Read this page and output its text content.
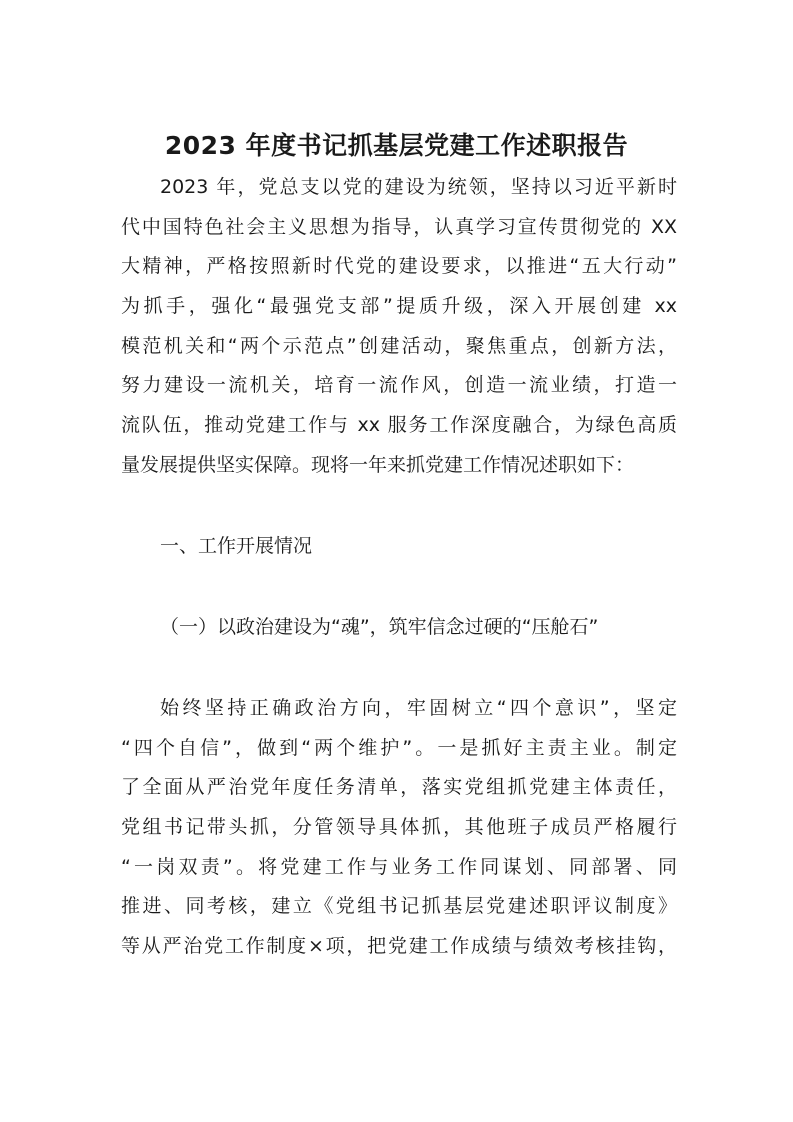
2023 年度书记抓基层党建工作述职报告
2023 年，党总支以党的建设为统领，坚持以习近平新时
代中国特色社会主义思想为指导，认真学习宣传贯彻党的 XX
大精神，严格按照新时代党的建设要求，以推进“五大行动”
为抓手，强化“最强党支部”提质升级，深入开展创建 xx
模范机关和“两个示范点”创建活动，聚焦重点，创新方法，
努力建设一流机关，培育一流作风，创造一流业绩，打造一
流队伍，推动党建工作与 xx 服务工作深度融合，为绿色高质
量发展提供坚实保障。现将一年来抓党建工作情况述职如下：
一、工作开展情况
（一）以政治建设为“魂”，筑牢信念过硬的“压舱石”
始终坚持正确政治方向，牢固树立“四个意识”，坚定
“四个自信”，做到“两个维护”。一是抓好主责主业。制定
了全面从严治党年度任务清单，落实党组抓党建主体责任，
党组书记带头抓，分管领导具体抓，其他班子成员严格履行
“一岗双责”。将党建工作与业务工作同谋划、同部署、同
推进、同考核，建立《党组书记抓基层党建述职评议制度》
等从严治党工作制度×项，把党建工作成绩与绩效考核挂钩，
